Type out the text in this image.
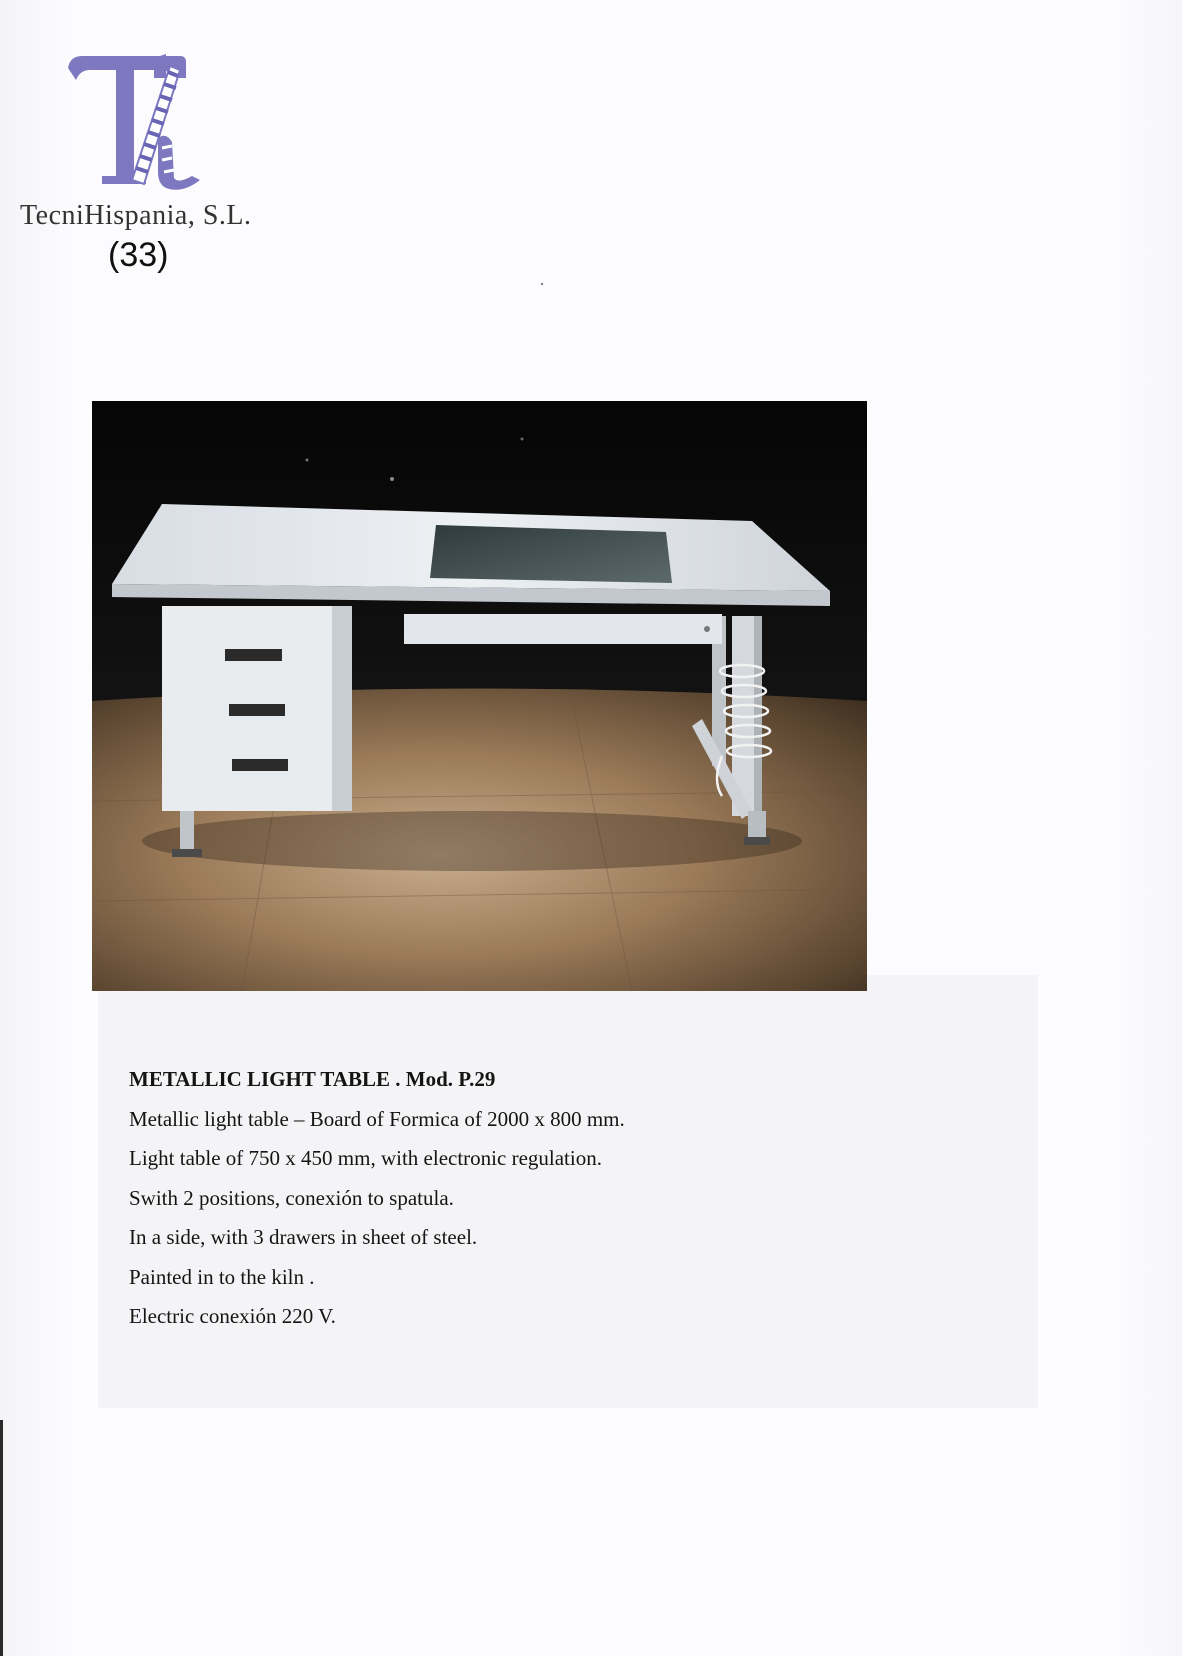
TecniHispania, S.L.
(33)
METALLIC LIGHT TABLE . Mod. P.29
Metallic light table – Board of Formica of 2000 x 800 mm.
Light table of 750 x 450 mm, with electronic regulation.
Swith 2 positions, conexión to spatula.
In a side, with 3 drawers in sheet of steel.
Painted in to the kiln .
Electric conexión 220 V.
